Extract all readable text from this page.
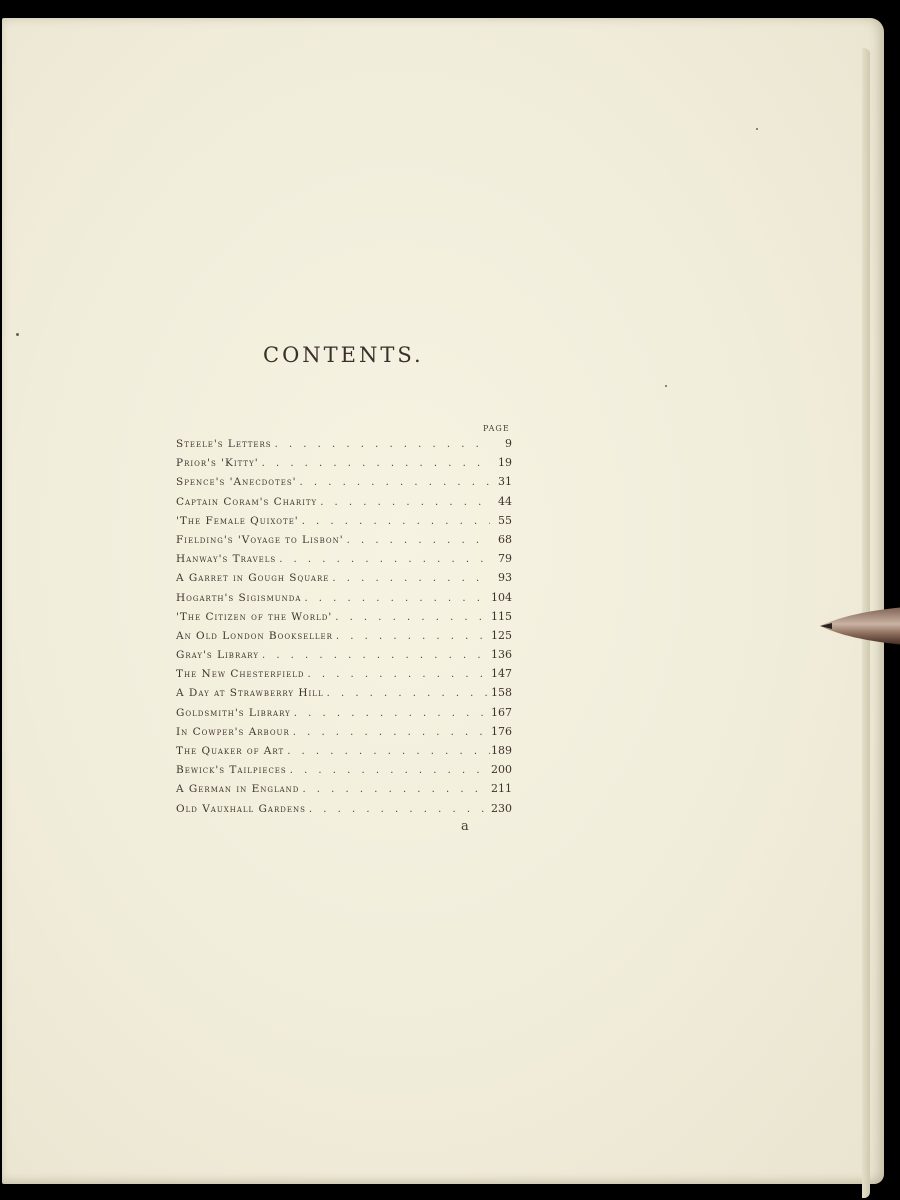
CONTENTS.
PAGE
Steele's Letters . . .	9
Prior's 'Kitty' . . .	19
Spence's 'Anecdotes' . . .	31
Captain Coram's Charity . . .	44
'The Female Quixote' . . .	55
Fielding's 'Voyage to Lisbon' . . .	68
Hanway's Travels . . .	79
A Garret in Gough Square . . .	93
Hogarth's Sigismunda . . .	104
'The Citizen of the World' . . .	115
An Old London Bookseller . . .	125
Gray's Library . . .	136
The New Chesterfield . . .	147
A Day at Strawberry Hill . . .	158
Goldsmith's Library . . .	167
In Cowper's Arbour . . .	176
The Quaker of Art . . .	189
Bewick's Tailpieces . . .	200
A German in England . . .	211
Old Vauxhall Gardens . . .	230
a
